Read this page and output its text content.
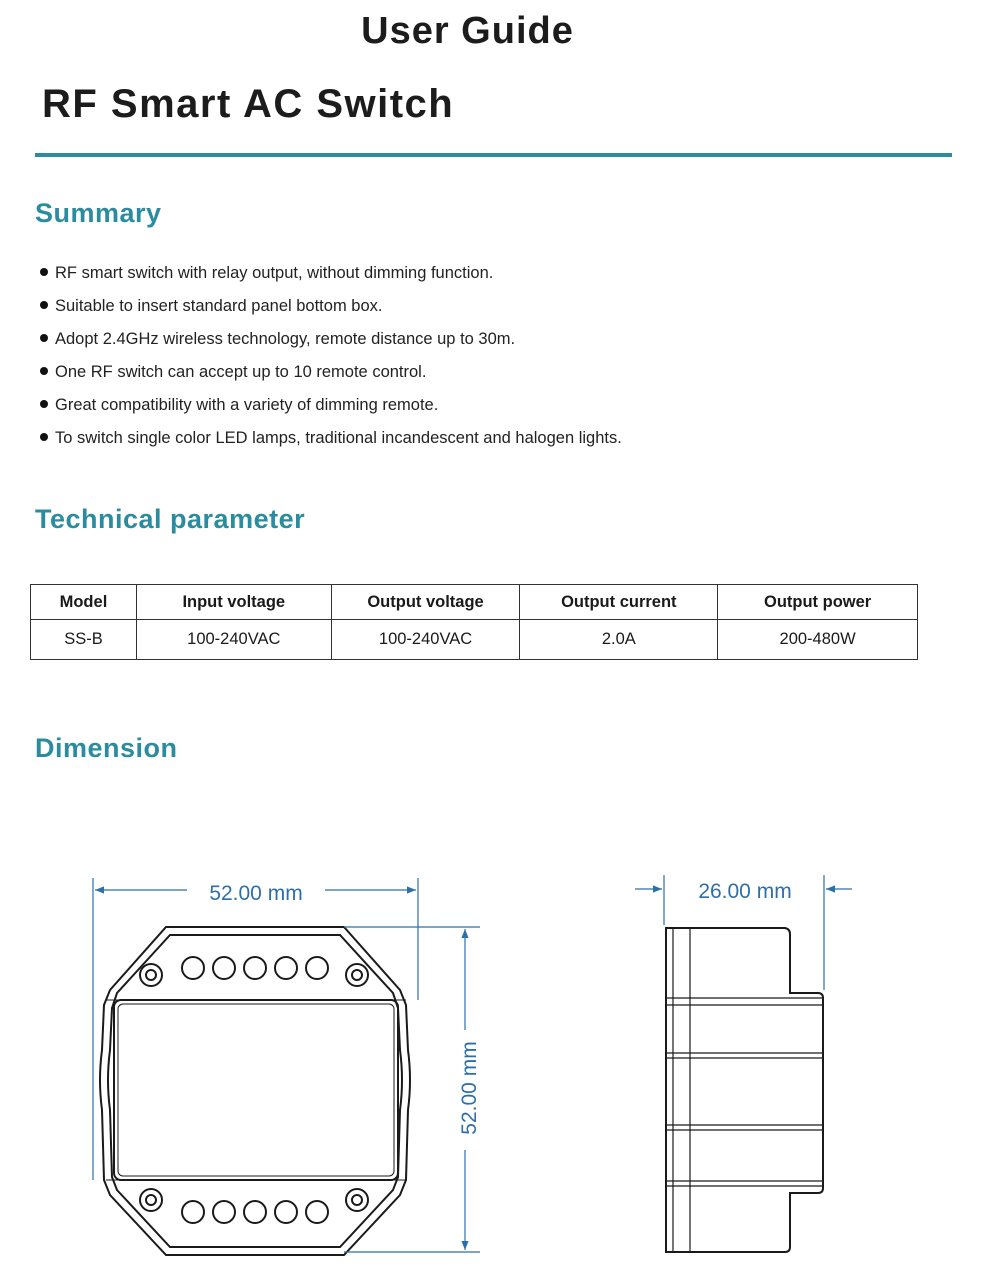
User Guide
RF Smart AC Switch
Summary
RF smart switch with relay output, without dimming function.
Suitable to insert standard panel bottom box.
Adopt 2.4GHz wireless technology, remote distance up to 30m.
One RF switch can accept up to 10 remote control.
Great compatibility with a variety of dimming remote.
To switch single color LED lamps, traditional incandescent and halogen lights.
Technical parameter
Model	Input voltage	Output voltage	Output current	Output power
SS-B	100-240VAC	100-240VAC	2.0A	200-480W
Dimension
52.00 mm
52.00 mm
26.00 mm
